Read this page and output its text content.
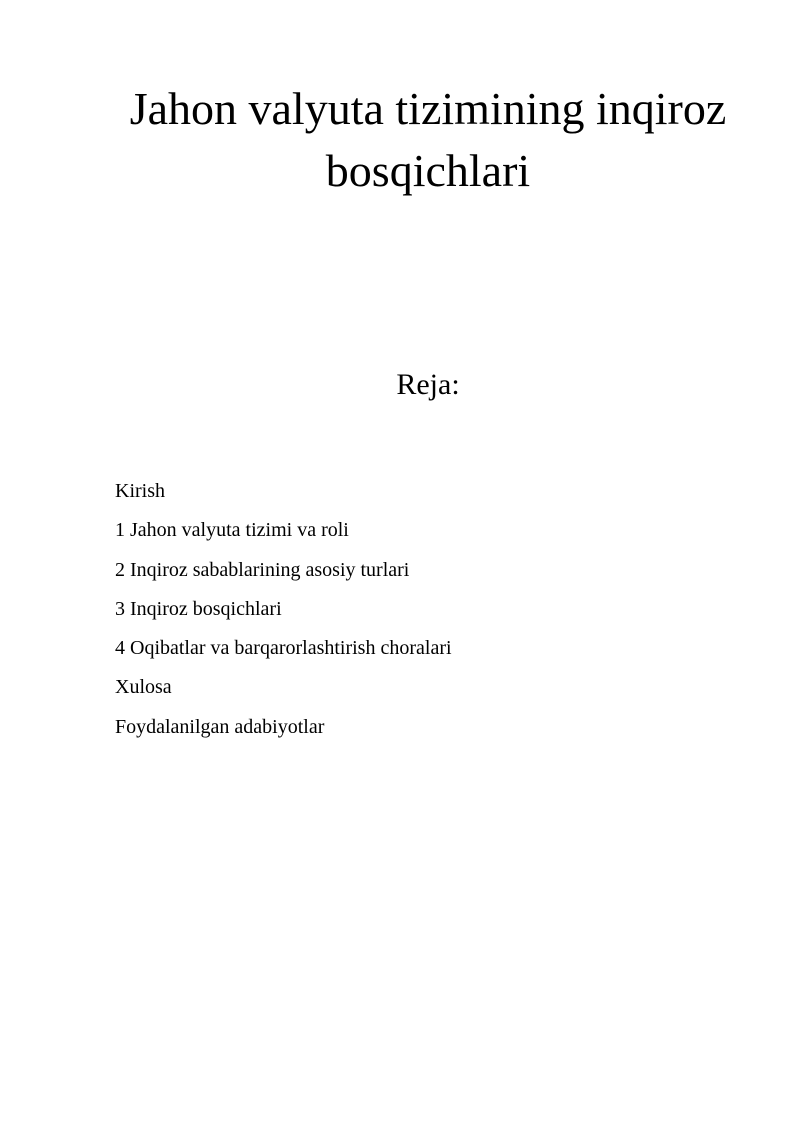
Jahon valyuta tizimining inqiroz bosqichlari
Reja:
Kirish
1 Jahon valyuta tizimi va roli
2 Inqiroz sabablarining asosiy turlari
3 Inqiroz bosqichlari
4 Oqibatlar va barqarorlashtirish choralari
Xulosa
Foydalanilgan adabiyotlar
